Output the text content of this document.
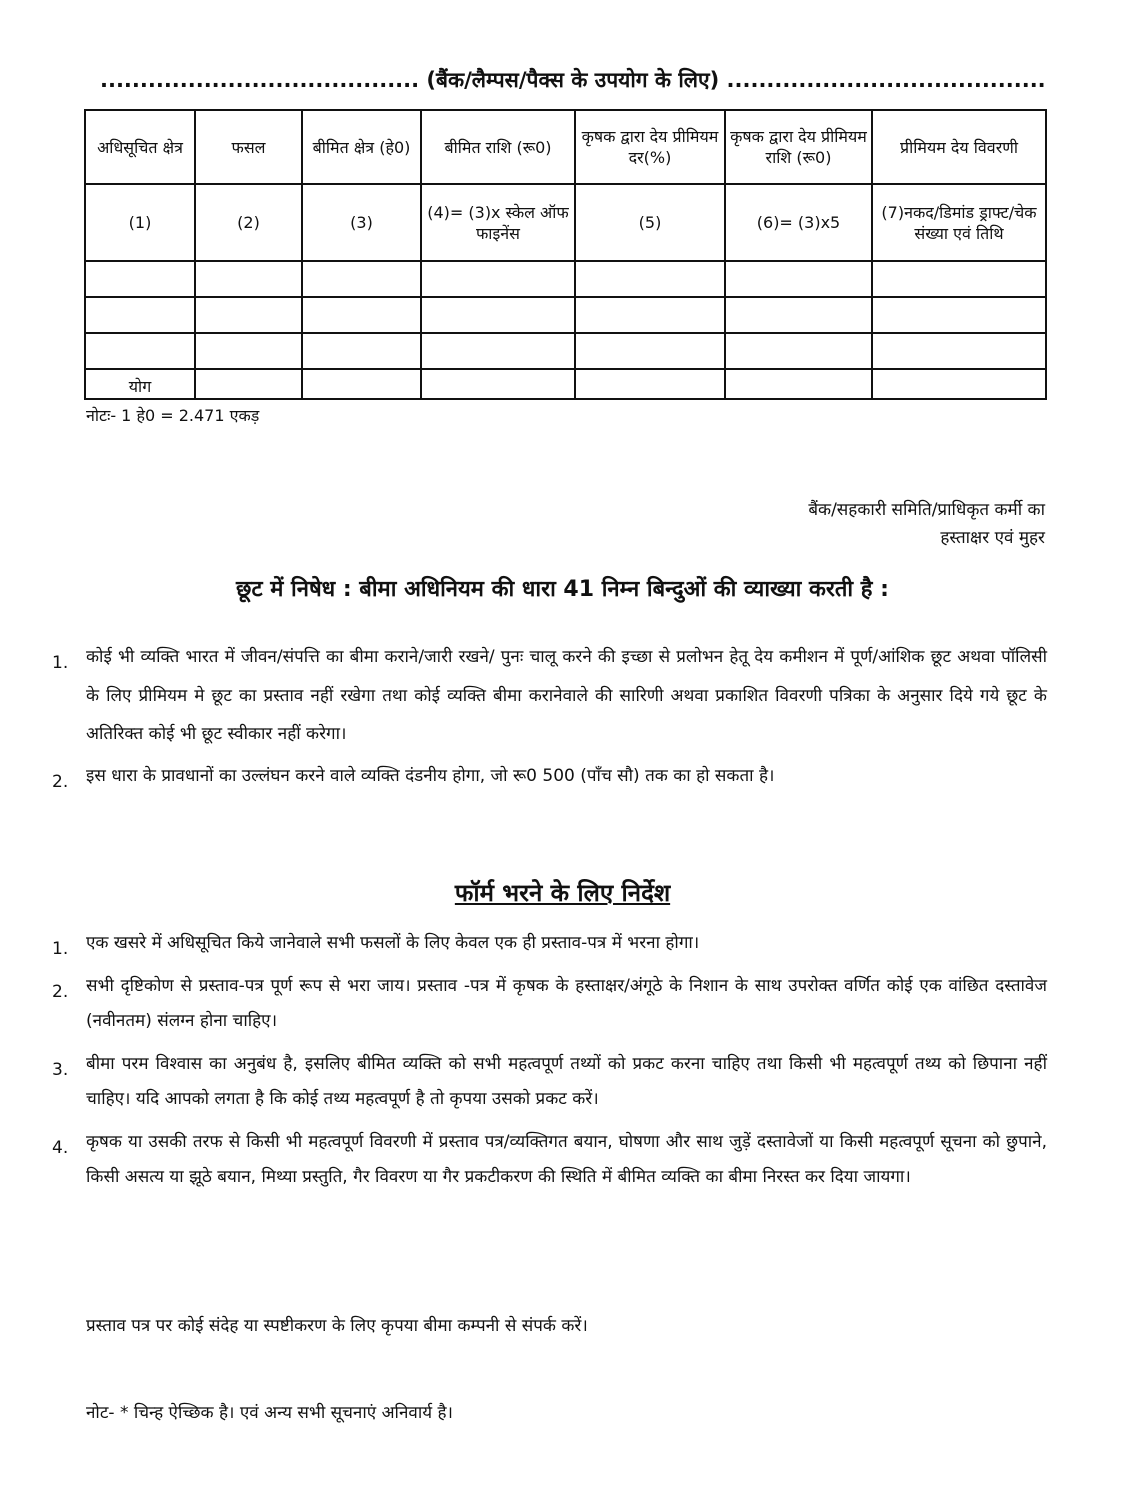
........................................ (बैंक/लैम्पस/पैक्स के उपयोग के लिए) ........................................
अधिसूचित क्षेत्र	फसल	बीमित क्षेत्र (हे0)	बीमित राशि (रू0)	कृषक द्वारा देय प्रीमियम दर(%)	कृषक द्वारा देय प्रीमियम राशि (रू0)	प्रीमियम देय विवरणी
(1)	(2)	(3)	(4)= (3)x स्केल ऑफ फाइनेंस	(5)	(6)= (3)x5	(7)नकद/डिमांड ड्राफ्ट/चेक संख्या एवं तिथि

योग						
नोटः- 1 हे0 = 2.471 एकड़
बैंक/सहकारी समिति/प्राधिकृत कर्मी का
हस्ताक्षर एवं मुहर
छूट में निषेध : बीमा अधिनियम की धारा 41 निम्न बिन्दुओं की व्याख्या करती है :
1. कोई भी व्यक्ति भारत में जीवन/संपत्ति का बीमा कराने/जारी रखने/ पुनः चालू करने की इच्छा से प्रलोभन हेतू देय कमीशन में पूर्ण/आंशिक छूट अथवा पॉलिसी के लिए प्रीमियम मे छूट का प्रस्ताव नहीं रखेगा तथा कोई व्यक्ति बीमा करानेवाले की सारिणी अथवा प्रकाशित विवरणी पत्रिका के अनुसार दिये गये छूट के अतिरिक्त कोई भी छूट स्वीकार नहीं करेगा।
2. इस धारा के प्रावधानों का उल्लंघन करने वाले व्यक्ति दंडनीय होगा, जो रू0 500 (पाँच सौ) तक का हो सकता है।
फॉर्म भरने के लिए निर्देश
1. एक खसरे में अधिसूचित किये जानेवाले सभी फसलों के लिए केवल एक ही प्रस्ताव-पत्र में भरना होगा।
2. सभी दृष्टिकोण से प्रस्ताव-पत्र पूर्ण रूप से भरा जाय। प्रस्ताव -पत्र में कृषक के हस्ताक्षर/अंगूठे के निशान के साथ उपरोक्त वर्णित कोई एक वांछित दस्तावेज (नवीनतम) संलग्न होना चाहिए।
3. बीमा परम विश्वास का अनुबंध है, इसलिए बीमित व्यक्ति को सभी महत्वपूर्ण तथ्यों को प्रकट करना चाहिए तथा किसी भी महत्वपूर्ण तथ्य को छिपाना नहीं चाहिए। यदि आपको लगता है कि कोई तथ्य महत्वपूर्ण है तो कृपया उसको प्रकट करें।
4. कृषक या उसकी तरफ से किसी भी महत्वपूर्ण विवरणी में प्रस्ताव पत्र/व्यक्तिगत बयान, घोषणा और साथ जुड़ें दस्तावेजों या किसी महत्वपूर्ण सूचना को छुपाने, किसी असत्य या झूठे बयान, मिथ्या प्रस्तुति, गैर विवरण या गैर प्रकटीकरण की स्थिति में बीमित व्यक्ति का बीमा निरस्त कर दिया जायगा।
प्रस्ताव पत्र पर कोई संदेह या स्पष्टीकरण के लिए कृपया बीमा कम्पनी से संपर्क करें।
नोट- * चिन्ह ऐच्छिक है। एवं अन्य सभी सूचनाएं अनिवार्य है।
